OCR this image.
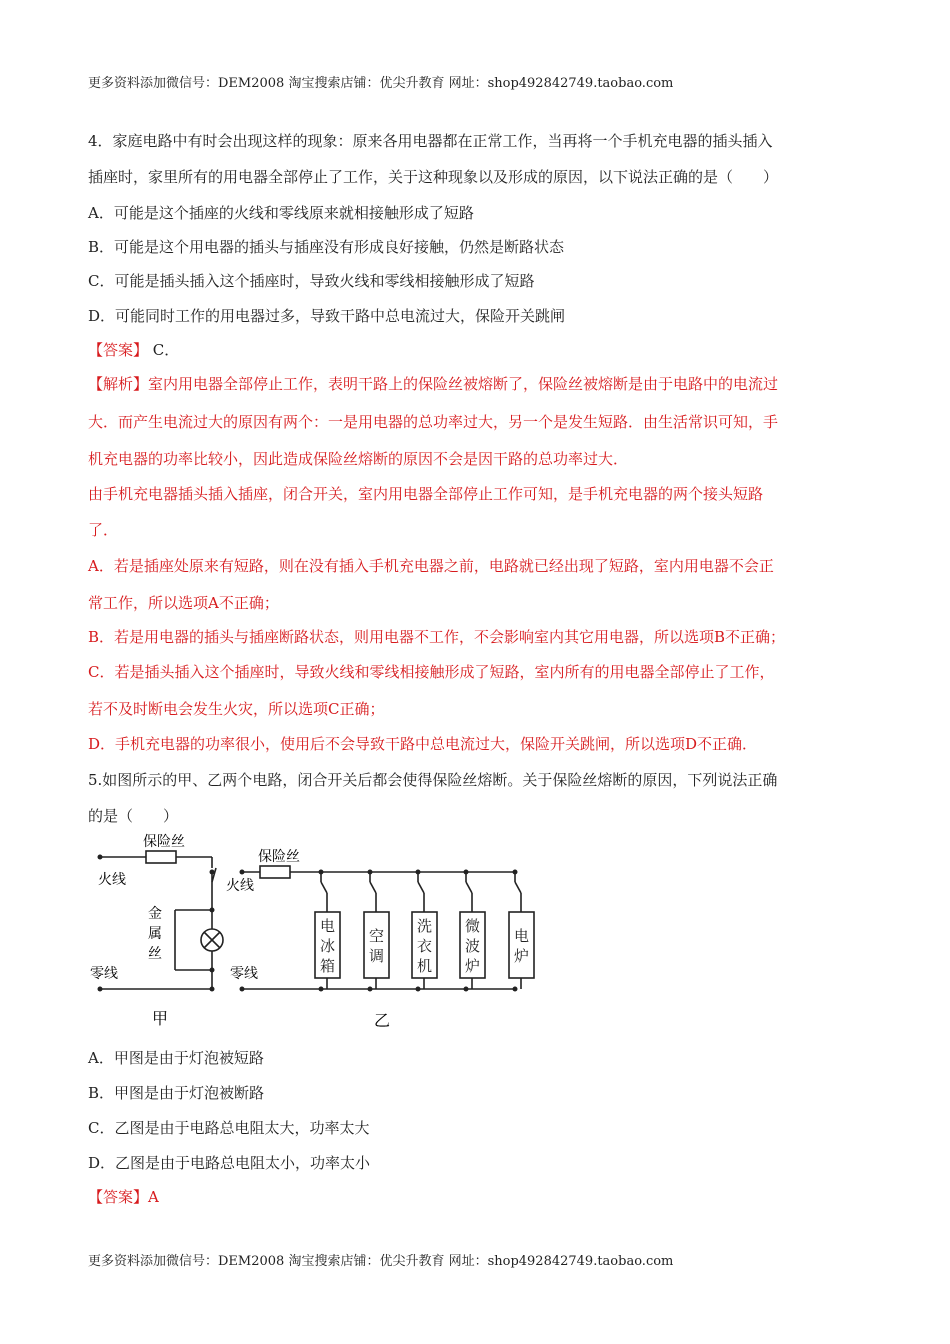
更多资料添加微信号：DEM2008 淘宝搜索店铺：优尖升教育 网址：shop492842749.taobao.com
4．家庭电路中有时会出现这样的现象：原来各用电器都在正常工作，当再将一个手机充电器的插头插入
插座时，家里所有的用电器全部停止了工作，关于这种现象以及形成的原因，以下说法正确的是（　　）
A．可能是这个插座的火线和零线原来就相接触形成了短路
B．可能是这个用电器的插头与插座没有形成良好接触，仍然是断路状态
C．可能是插头插入这个插座时，导致火线和零线相接触形成了短路
D．可能同时工作的用电器过多，导致干路中总电流过大，保险开关跳闸
【答案】 C．
【解析】室内用电器全部停止工作，表明干路上的保险丝被熔断了，保险丝被熔断是由于电路中的电流过
大．而产生电流过大的原因有两个：一是用电器的总功率过大，另一个是发生短路．由生活常识可知，手
机充电器的功率比较小，因此造成保险丝熔断的原因不会是因干路的总功率过大．
由手机充电器插头插入插座，闭合开关，室内用电器全部停止工作可知，是手机充电器的两个接头短路
了．
A．若是插座处原来有短路，则在没有插入手机充电器之前，电路就已经出现了短路，室内用电器不会正
常工作，所以选项A不正确；
B．若是用电器的插头与插座断路状态，则用电器不工作，不会影响室内其它用电器，所以选项B不正确；
C．若是插头插入这个插座时，导致火线和零线相接触形成了短路，室内所有的用电器全部停止了工作，
若不及时断电会发生火灾，所以选项C正确；
D．手机充电器的功率很小，使用后不会导致干路中总电流过大，保险开关跳闸，所以选项D不正确．
5.如图所示的甲、乙两个电路，闭合开关后都会使得保险丝熔断。关于保险丝熔断的原因，下列说法正确
的是（　　）
保险丝
火线	火线
保险丝
金
属
丝
零线	零线
甲	乙
电
冰
箱
空
调
洗
衣
机
微
波
炉
电
炉
A．甲图是由于灯泡被短路
B．甲图是由于灯泡被断路
C．乙图是由于电路总电阻太大，功率太大
D．乙图是由于电路总电阻太小，功率太小
【答案】A
更多资料添加微信号：DEM2008 淘宝搜索店铺：优尖升教育 网址：shop492842749.taobao.com
